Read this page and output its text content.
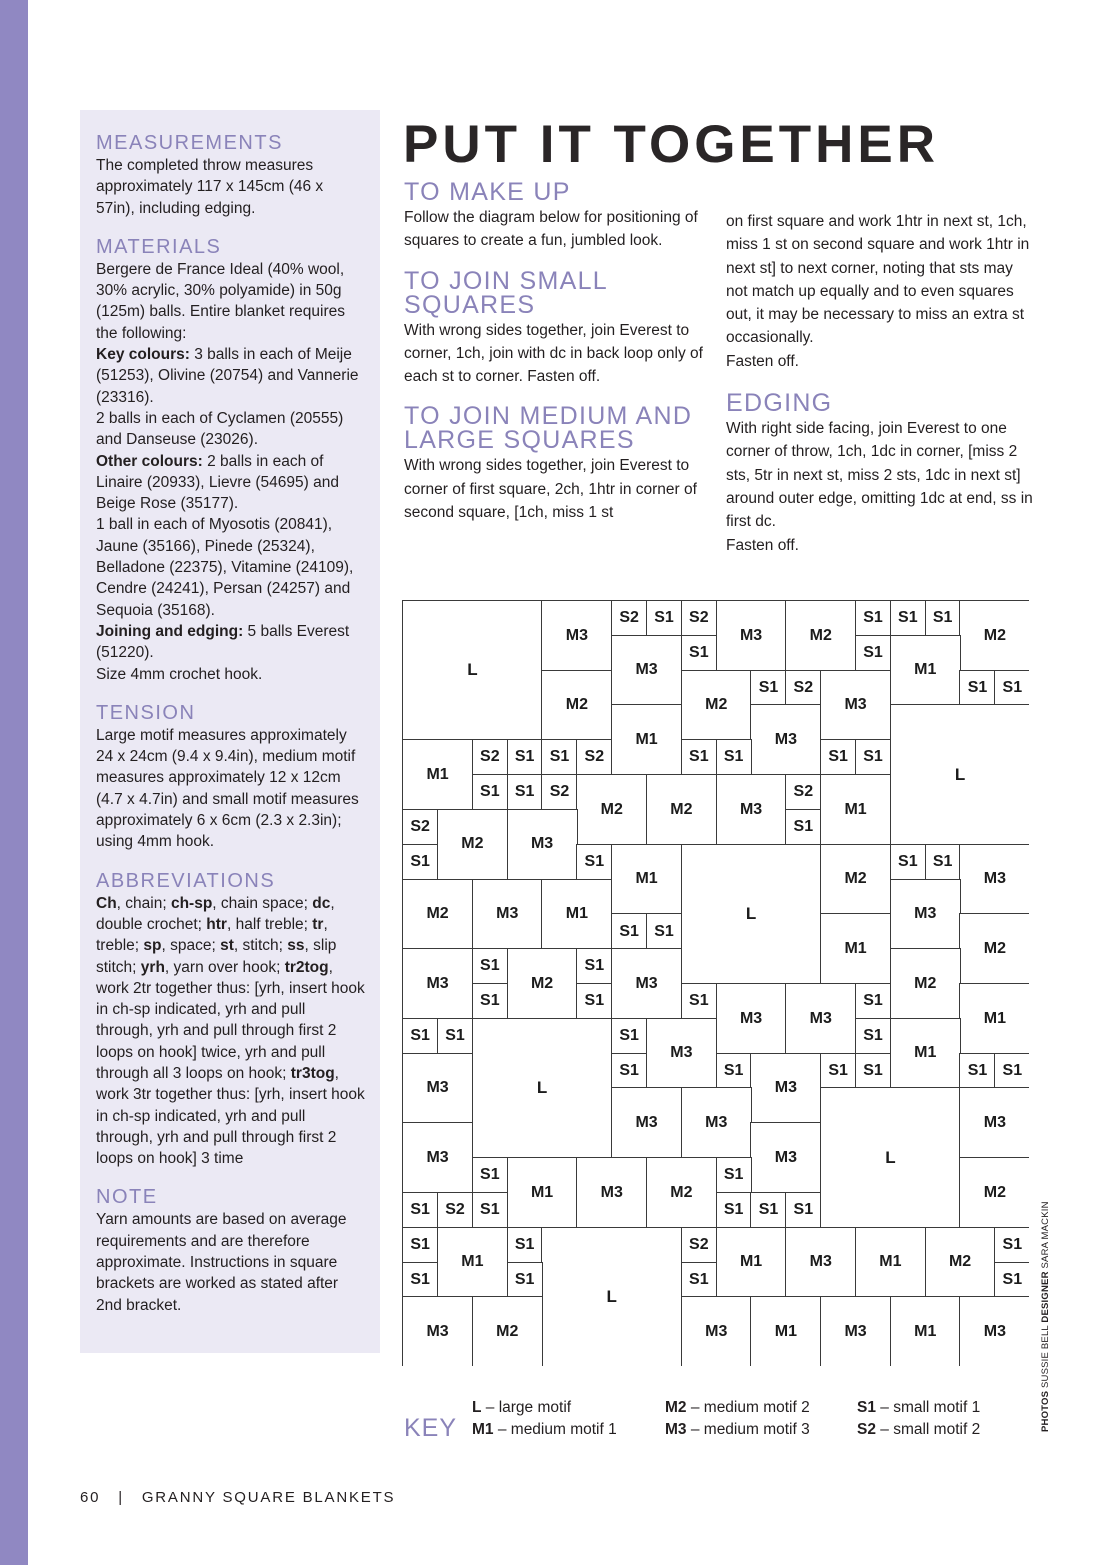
MEASUREMENTS

The completed throw measures approximately 117 x 145cm (46 x 57in), including edging.

MATERIALS

Bergere de France Ideal (40% wool, 30% acrylic, 30% polyamide) in 50g (125m) balls. Entire blanket requires the following:

Key colours: 3 balls in each of Meije (51253), Olivine (20754) and Vannerie (23316).

2 balls in each of Cyclamen (20555) and Danseuse (23026).

Other colours: 2 balls in each of Linaire (20933), Lievre (54695) and Beige Rose (35177).

1 ball in each of Myosotis (20841), Jaune (35166), Pinede (25324), Belladone (22375), Vitamine (24109), Cendre (24241), Persan (24257) and Sequoia (35168).

Joining and edging: 5 balls Everest (51220).

Size 4mm crochet hook.

TENSION

Large motif measures approximately 24 x 24cm (9.4 x 9.4in), medium motif measures approximately 12 x 12cm (4.7 x 4.7in) and small motif measures approximately 6 x 6cm (2.3 x 2.3in); using 4mm hook.

ABBREVIATIONS

Ch, chain; ch-sp, chain space; dc, double crochet; htr, half treble; tr, treble; sp, space; st, stitch; ss, slip stitch; yrh, yarn over hook; tr2tog, work 2tr together thus: [yrh, insert hook in ch-sp indicated, yrh and pull through, yrh and pull through first 2 loops on hook] twice, yrh and pull through all 3 loops on hook; tr3tog, work 3tr together thus: [yrh, insert hook in ch-sp indicated, yrh and pull through, yrh and pull through first 2 loops on hook] 3 time

NOTE

Yarn amounts are based on average requirements and are therefore approximate. Instructions in square brackets are worked as stated after 2nd bracket.

PUT IT TOGETHER
TO MAKE UP

Follow the diagram below for positioning of squares to create a fun, jumbled look.

TO JOIN SMALL SQUARES

With wrong sides together, join Everest to corner, 1ch, join with dc in back loop only of each st to corner. Fasten off.

TO JOIN MEDIUM AND LARGE SQUARES

With wrong sides together, join Everest to corner of first square, 2ch, 1htr in corner of second square, [1ch, miss 1 st

on first square and work 1htr in next st, 1ch, miss 1 st on second square and work 1htr in next st] to next corner, noting that sts may not match up equally and to even squares out, it may be necessary to miss an extra st occasionally.

Fasten off.

EDGING

With right side facing, join Everest to one corner of throw, 1ch, 1dc in corner, [miss 2 sts, 5tr in next st, miss 2 sts, 1dc in next st] around outer edge, omitting 1dc at end, ss in first dc.

Fasten off.

L
M3
S2 S1 S2
M3	M2
S1 S1 S1
M2
M3
S1	S1
M1
M2	M2
S1 S2
M3
S1 S1
M1	M3
L
M1
S2 S1 S1 S2	S1 S1	S1 S1
S1 S1 S2
M2	M2	M3
S2
M1
S2
M2	M3
S1
S1	S1
M1
L
M2
S1 S1
M3
M2	M3	M1	M3
S1 S1
M1	M2
M3
S1
M2
S1
M3	M2
S1	S1	S1
M3	M3
S1
M1
S1 S1
L
S1
M3
S1
M1
M3
S1	S1
M3
S1 S1	S1 S1
M3	M3
L
M3
M3	M3
S1
M1	M3	M2
S1
M2
S1 S2 S1	S1 S1 S1
S1
M1
S1
L
S2
M1	M3	M1	M2
S1
S1	S1	S1	S1
M3	M2	M3	M1	M3	M1	M3
KEY
L – large motif
M1 – medium motif 1
M2 – medium motif 2
M3 – medium motif 3
S1 – small motif 1
S2 – small motif 2	PHOTOS SUSSIE BELL DESIGNER SARA MACKIN
60 | GRANNY SQUARE BLANKETS
